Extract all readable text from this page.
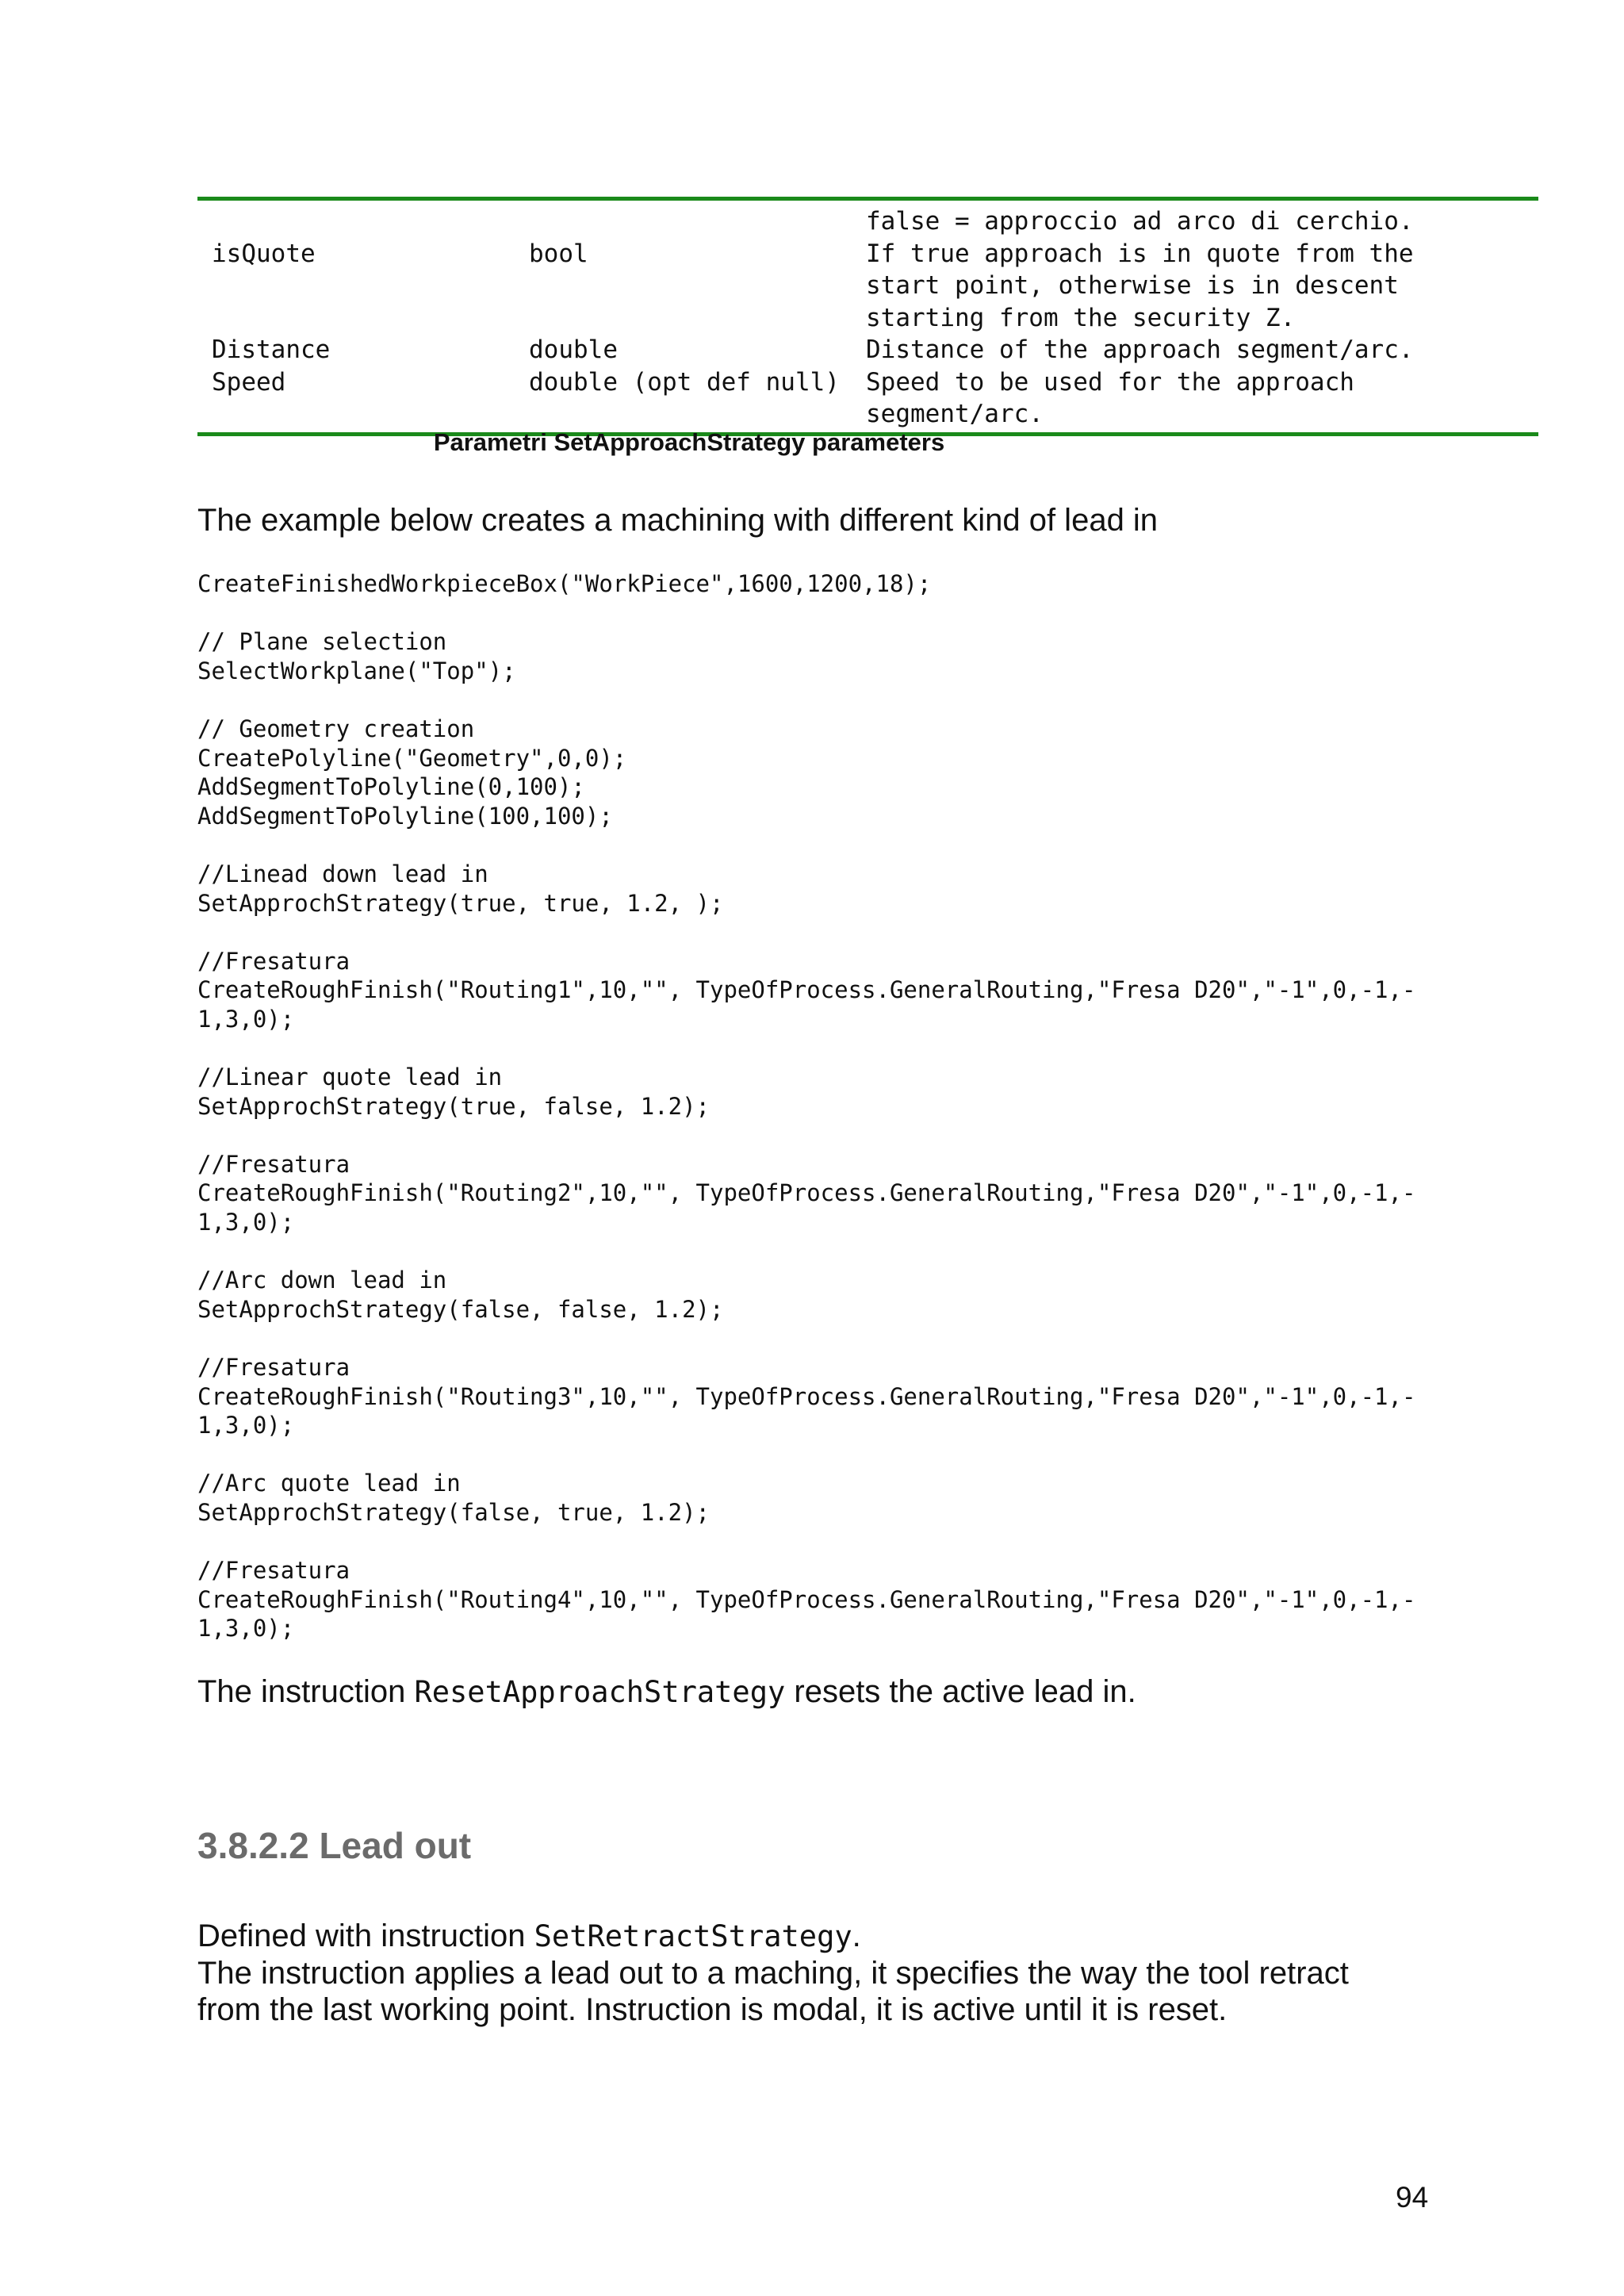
false = approccio ad arco di cerchio.
isQuote	bool	If true approach is in quote from the
start point, otherwise is in descent
starting from the security Z.
Distance	double	Distance of the approach segment/arc.
Speed	double (opt def null)	Speed to be used for the approach
segment/arc.
Parametri SetApproachStrategy parameters
The example below creates a machining with different kind of lead in
CreateFinishedWorkpieceBox("WorkPiece",1600,1200,18);

// Plane selection
SelectWorkplane("Top");

// Geometry creation
CreatePolyline("Geometry",0,0);
AddSegmentToPolyline(0,100);
AddSegmentToPolyline(100,100);

//Linead down lead in
SetApprochStrategy(true, true, 1.2, );

//Fresatura
CreateRoughFinish("Routing1",10,"", TypeOfProcess.GeneralRouting,"Fresa D20","-1",0,-1,-
1,3,0);

//Linear quote lead in
SetApprochStrategy(true, false, 1.2);

//Fresatura
CreateRoughFinish("Routing2",10,"", TypeOfProcess.GeneralRouting,"Fresa D20","-1",0,-1,-
1,3,0);

//Arc down lead in
SetApprochStrategy(false, false, 1.2);

//Fresatura
CreateRoughFinish("Routing3",10,"", TypeOfProcess.GeneralRouting,"Fresa D20","-1",0,-1,-
1,3,0);

//Arc quote lead in
SetApprochStrategy(false, true, 1.2);

//Fresatura
CreateRoughFinish("Routing4",10,"", TypeOfProcess.GeneralRouting,"Fresa D20","-1",0,-1,-
1,3,0);
The instruction ResetApproachStrategy resets the active lead in.
3.8.2.2 Lead out
Defined with instruction SetRetractStrategy.
The instruction applies a lead out to a maching, it specifies the way the tool retract
from the last working point. Instruction is modal, it is active until it is reset.
94
